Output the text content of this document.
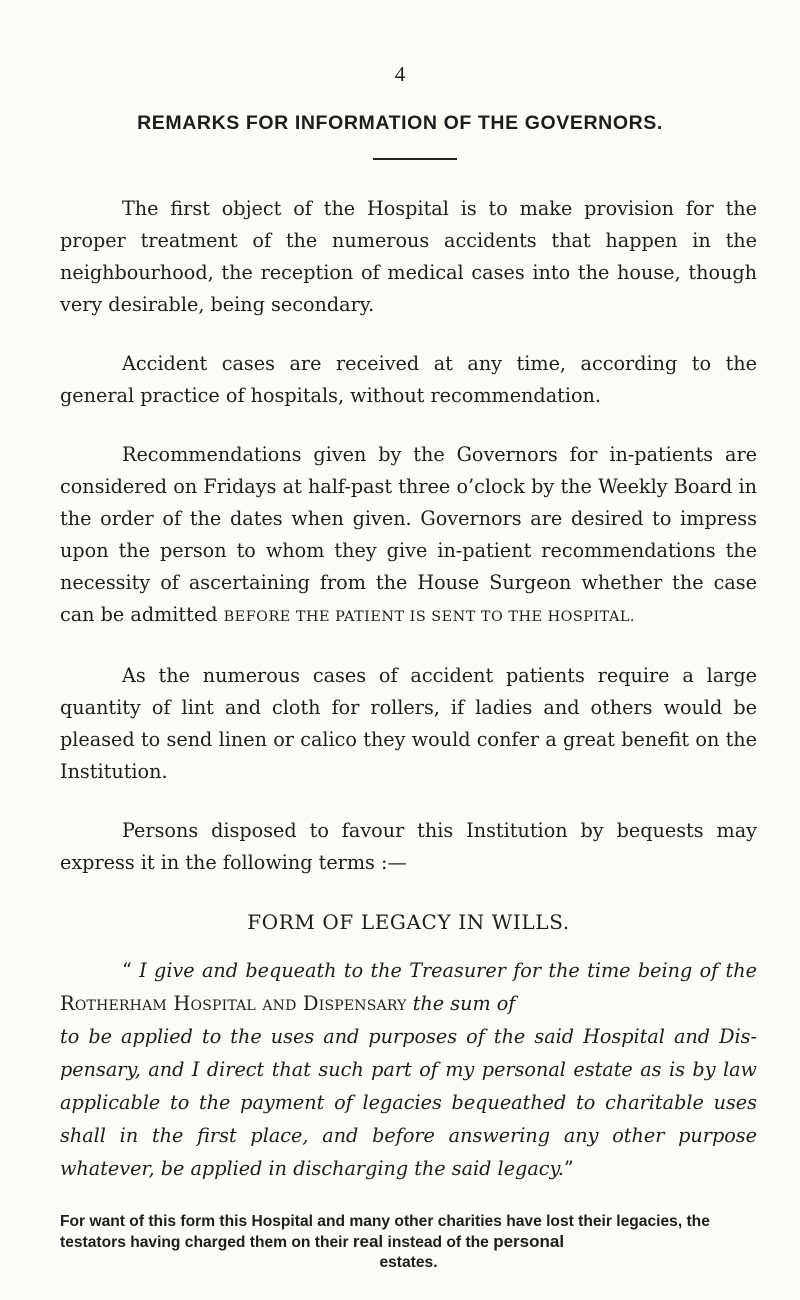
4

REMARKS FOR INFORMATION OF THE GOVERNORS.

The first object of the Hospital is to make provision for the proper treatment of the numerous accidents that happen in the neighbourhood, the reception of medical cases into the house, though very desirable, being secondary.

Accident cases are received at any time, according to the general practice of hospitals, without recommendation.

Recommendations given by the Governors for in-patients are considered on Fridays at half-past three o’clock by the Weekly Board in the order of the dates when given. Governors are desired to impress upon the person to whom they give in-patient recommendations the necessity of ascertaining from the House Surgeon whether the case can be admitted BEFORE THE PATIENT IS SENT TO THE HOSPITAL.

As the numerous cases of accident patients require a large quantity of lint and cloth for rollers, if ladies and others would be pleased to send linen or calico they would confer a great benefit on the Institution.

Persons disposed to favour this Institution by bequests may express it in the following terms :—

FORM OF LEGACY IN WILLS.

“ I give and bequeath to the Treasurer for the time being of the Rotherham Hospital and Dispensary the sum of
to be applied to the uses and purposes of the said Hospital and Dispensary, and I direct that such part of my personal estate as is by law applicable to the payment of legacies bequeathed to charitable uses shall in the first place, and before answering any other purpose whatever, be applied in discharging the said legacy.”

For want of this form this Hospital and many other charities have lost their legacies, the testators having charged them on their real instead of the personal
estates.
